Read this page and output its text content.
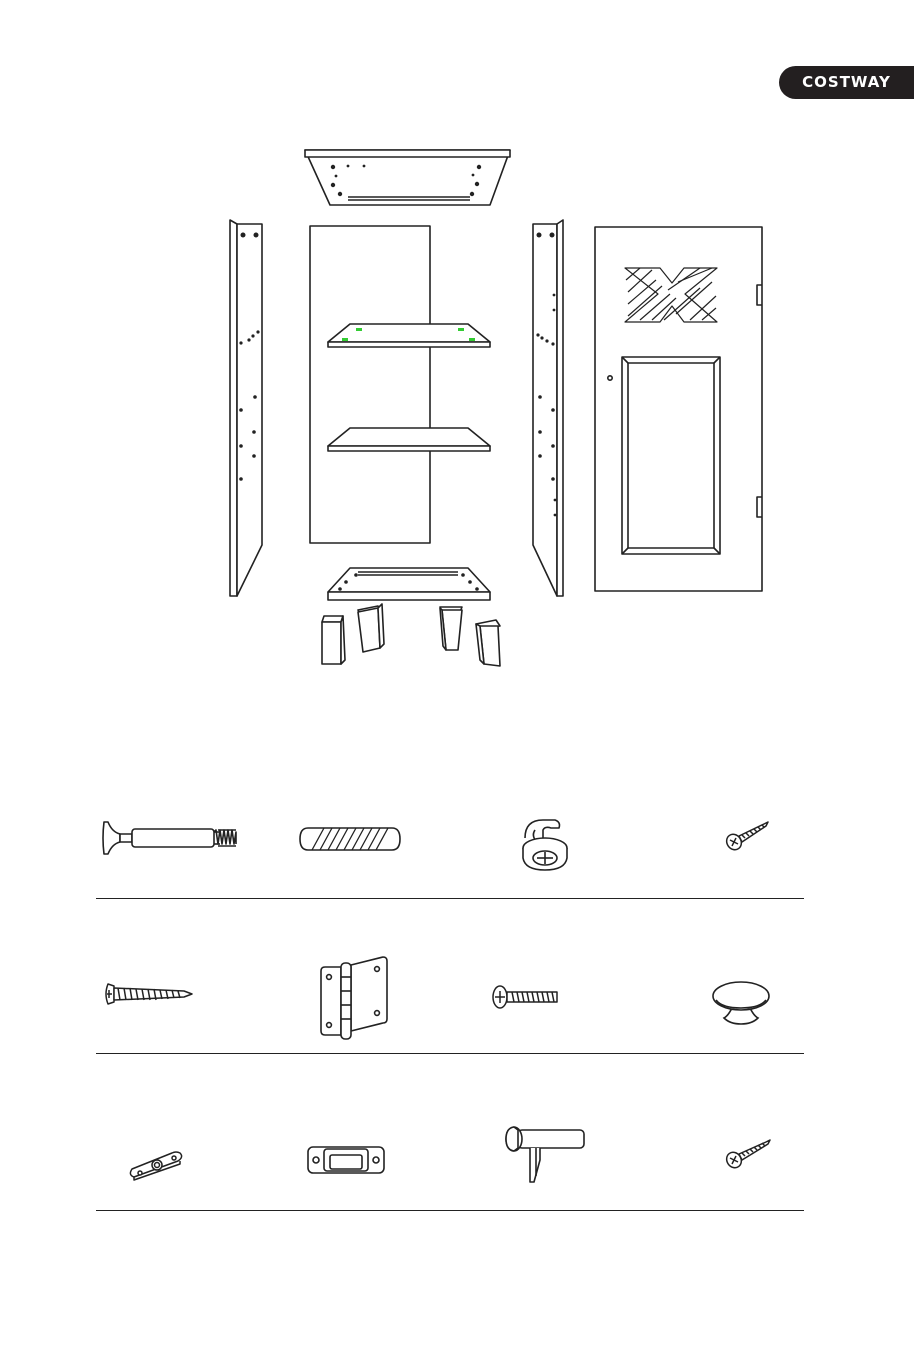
COSTWAY
